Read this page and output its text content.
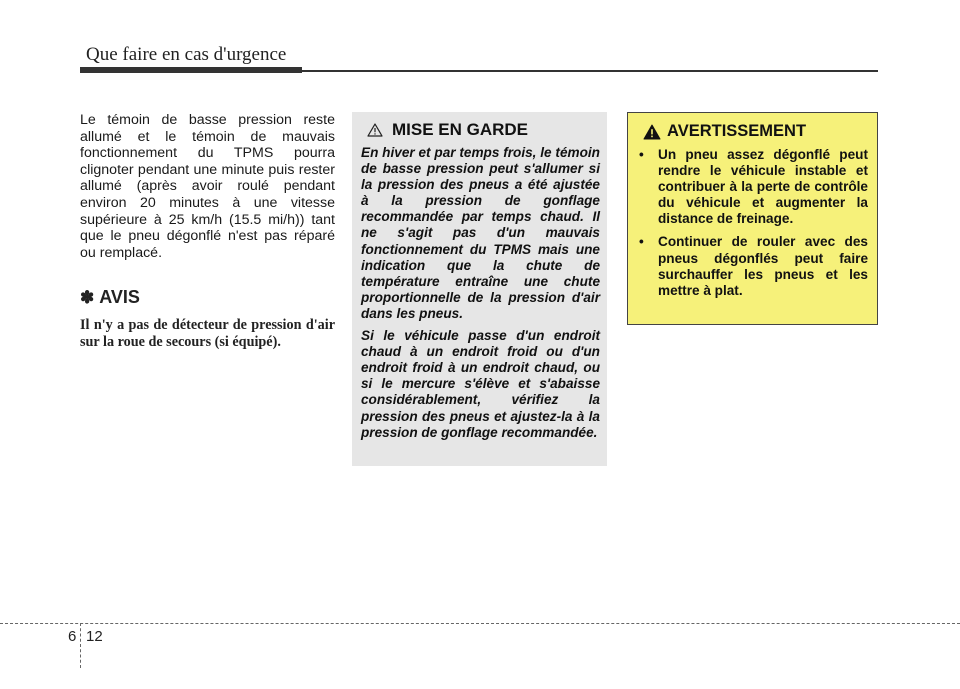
Que faire en cas d'urgence

Le témoin de basse pression reste allumé et le témoin de mauvais fonctionnement du TPMS pourra clignoter pendant une minute puis rester allumé (après avoir roulé pendant environ 20 minutes à une vitesse supérieure à 25 km/h (15.5 mi/h)) tant que le pneu dégonflé n'est pas réparé ou remplacé.

✽ AVIS

Il n'y a pas de détecteur de pression d'air sur la roue de secours (si équipé).

MISE EN GARDE

En hiver et par temps frois, le témoin de basse pression peut s'allumer si la pression des pneus a été ajustée à la pression de gonflage recommandée par temps chaud. Il ne s'agit pas d'un mauvais fonctionnement du TPMS mais une indication que la chute de température entraîne une chute proportionnelle de la pression d'air dans les pneus.

Si le véhicule passe d'un endroit chaud à un endroit froid ou d'un endroit froid à un endroit chaud, ou si le mercure s'élève et s'abaisse considérablement, vérifiez la pression des pneus et ajustez-la à la pression de gonflage recommandée.

AVERTISSEMENT
• Un pneu assez dégonflé peut rendre le véhicule instable et contribuer à la perte de contrôle du véhicule et augmenter la distance de freinage.
• Continuer de rouler avec des pneus dégonflés peut faire surchauffer les pneus et les mettre à plat.
6 12
